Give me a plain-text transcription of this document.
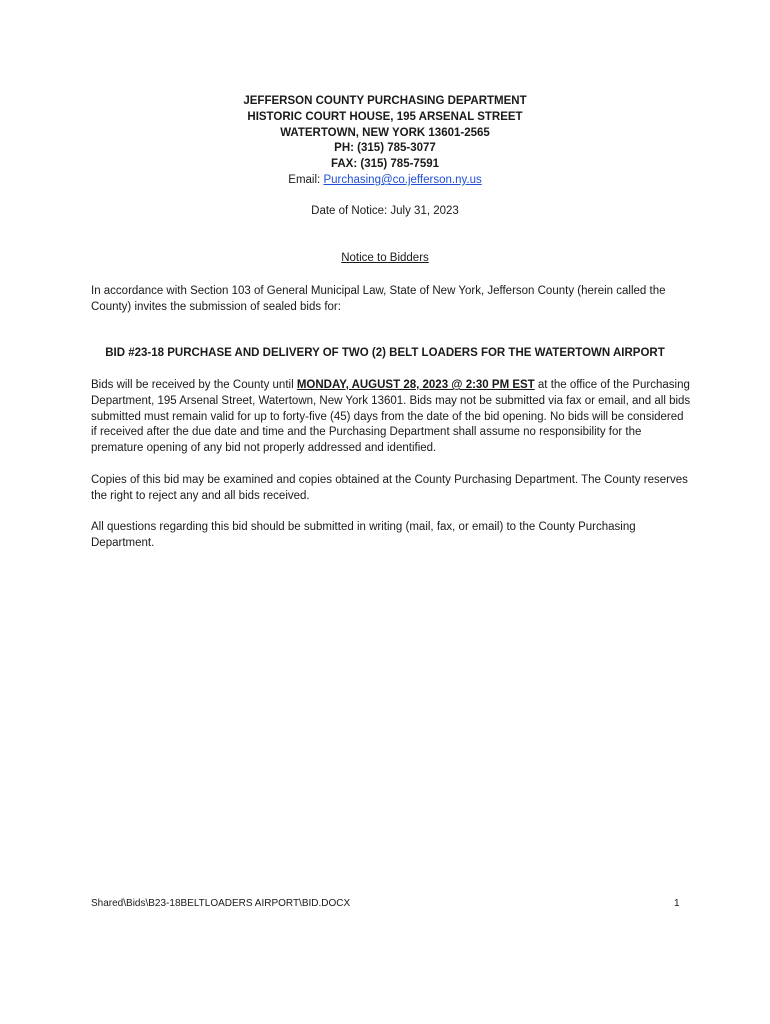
JEFFERSON COUNTY PURCHASING DEPARTMENT
HISTORIC COURT HOUSE, 195 ARSENAL STREET
WATERTOWN, NEW YORK 13601-2565
PH: (315) 785-3077
FAX: (315) 785-7591
Email: Purchasing@co.jefferson.ny.us
Date of Notice: July 31, 2023
Notice to Bidders

In accordance with Section 103 of General Municipal Law, State of New York, Jefferson County (herein called the County) invites the submission of sealed bids for:

BID #23-18 PURCHASE AND DELIVERY OF TWO (2) BELT LOADERS FOR THE WATERTOWN AIRPORT

Bids will be received by the County until MONDAY, AUGUST 28, 2023 @ 2:30 PM EST at the office of the Purchasing Department, 195 Arsenal Street, Watertown, New York 13601. Bids may not be submitted via fax or email, and all bids submitted must remain valid for up to forty-five (45) days from the date of the bid opening. No bids will be considered if received after the due date and time and the Purchasing Department shall assume no responsibility for the premature opening of any bid not properly addressed and identified.

Copies of this bid may be examined and copies obtained at the County Purchasing Department. The County reserves the right to reject any and all bids received.

All questions regarding this bid should be submitted in writing (mail, fax, or email) to the County Purchasing Department.

Shared\Bids\B23-18BELTLOADERS AIRPORT\BID.DOCX	1
